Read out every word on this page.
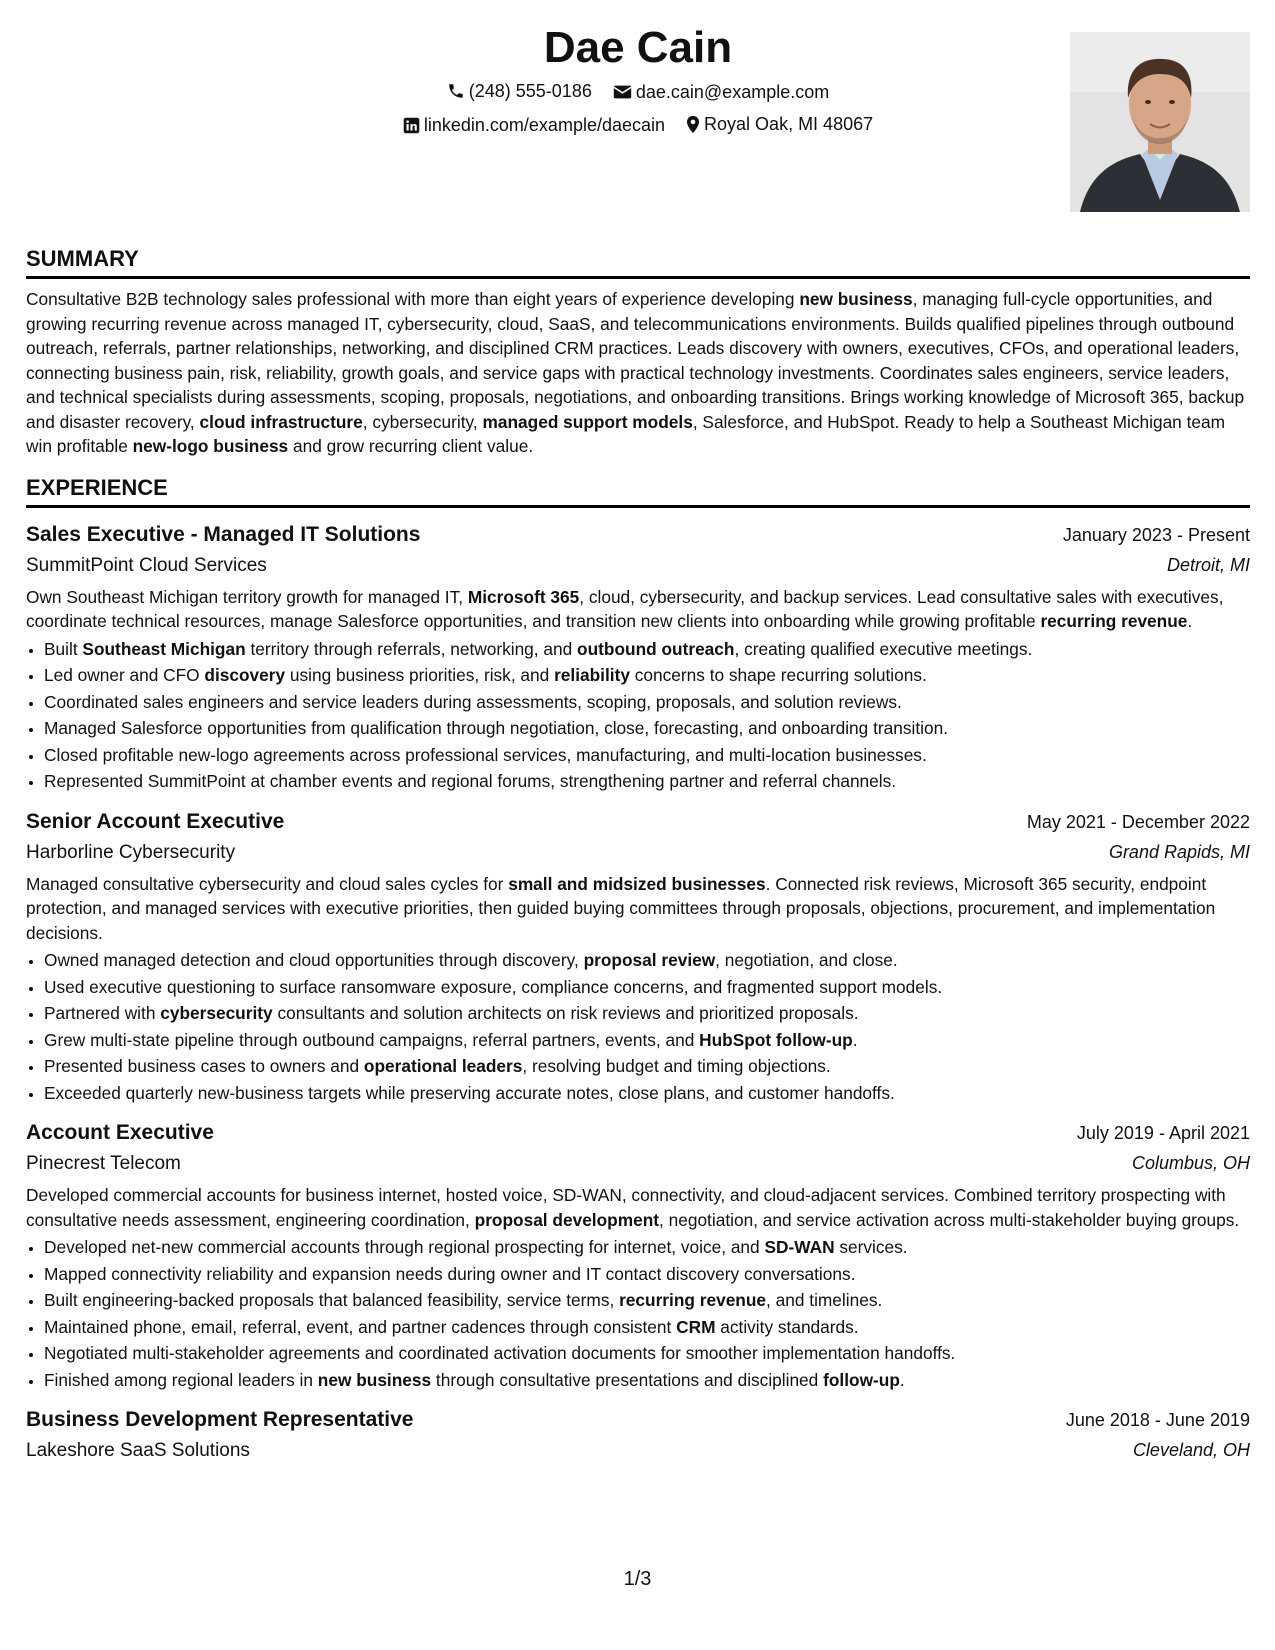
Dae Cain
(248) 555-0186
dae.cain@example.com
linkedin.com/example/daecain
Royal Oak, MI 48067
SUMMARY

Consultative B2B technology sales professional with more than eight years of experience developing new business, managing full-cycle opportunities, and growing recurring revenue across managed IT, cybersecurity, cloud, SaaS, and telecommunications environments. Builds qualified pipelines through outbound outreach, referrals, partner relationships, networking, and disciplined CRM practices. Leads discovery with owners, executives, CFOs, and operational leaders, connecting business pain, risk, reliability, growth goals, and service gaps with practical technology investments. Coordinates sales engineers, service leaders, and technical specialists during assessments, scoping, proposals, negotiations, and onboarding transitions. Brings working knowledge of Microsoft 365, backup and disaster recovery, cloud infrastructure, cybersecurity, managed support models, Salesforce, and HubSpot. Ready to help a Southeast Michigan team win profitable new-logo business and grow recurring client value.

EXPERIENCE
Sales Executive - Managed IT Solutions	January 2023 - Present
SummitPoint Cloud Services	Detroit, MI

Own Southeast Michigan territory growth for managed IT, Microsoft 365, cloud, cybersecurity, and backup services. Lead consultative sales with executives, coordinate technical resources, manage Salesforce opportunities, and transition new clients into onboarding while growing profitable recurring revenue.

• Built Southeast Michigan territory through referrals, networking, and outbound outreach, creating qualified executive meetings.
• Led owner and CFO discovery using business priorities, risk, and reliability concerns to shape recurring solutions.
• Coordinated sales engineers and service leaders during assessments, scoping, proposals, and solution reviews.
• Managed Salesforce opportunities from qualification through negotiation, close, forecasting, and onboarding transition.
• Closed profitable new-logo agreements across professional services, manufacturing, and multi-location businesses.
• Represented SummitPoint at chamber events and regional forums, strengthening partner and referral channels.
Senior Account Executive	May 2021 - December 2022
Harborline Cybersecurity	Grand Rapids, MI

Managed consultative cybersecurity and cloud sales cycles for small and midsized businesses. Connected risk reviews, Microsoft 365 security, endpoint protection, and managed services with executive priorities, then guided buying committees through proposals, objections, procurement, and implementation decisions.

• Owned managed detection and cloud opportunities through discovery, proposal review, negotiation, and close.
• Used executive questioning to surface ransomware exposure, compliance concerns, and fragmented support models.
• Partnered with cybersecurity consultants and solution architects on risk reviews and prioritized proposals.
• Grew multi-state pipeline through outbound campaigns, referral partners, events, and HubSpot follow-up.
• Presented business cases to owners and operational leaders, resolving budget and timing objections.
• Exceeded quarterly new-business targets while preserving accurate notes, close plans, and customer handoffs.
Account Executive	July 2019 - April 2021
Pinecrest Telecom	Columbus, OH

Developed commercial accounts for business internet, hosted voice, SD-WAN, connectivity, and cloud-adjacent services. Combined territory prospecting with consultative needs assessment, engineering coordination, proposal development, negotiation, and service activation across multi-stakeholder buying groups.

• Developed net-new commercial accounts through regional prospecting for internet, voice, and SD-WAN services.
• Mapped connectivity reliability and expansion needs during owner and IT contact discovery conversations.
• Built engineering-backed proposals that balanced feasibility, service terms, recurring revenue, and timelines.
• Maintained phone, email, referral, event, and partner cadences through consistent CRM activity standards.
• Negotiated multi-stakeholder agreements and coordinated activation documents for smoother implementation handoffs.
• Finished among regional leaders in new business through consultative presentations and disciplined follow-up.
Business Development Representative	June 2018 - June 2019
Lakeshore SaaS Solutions	Cleveland, OH
1/3
